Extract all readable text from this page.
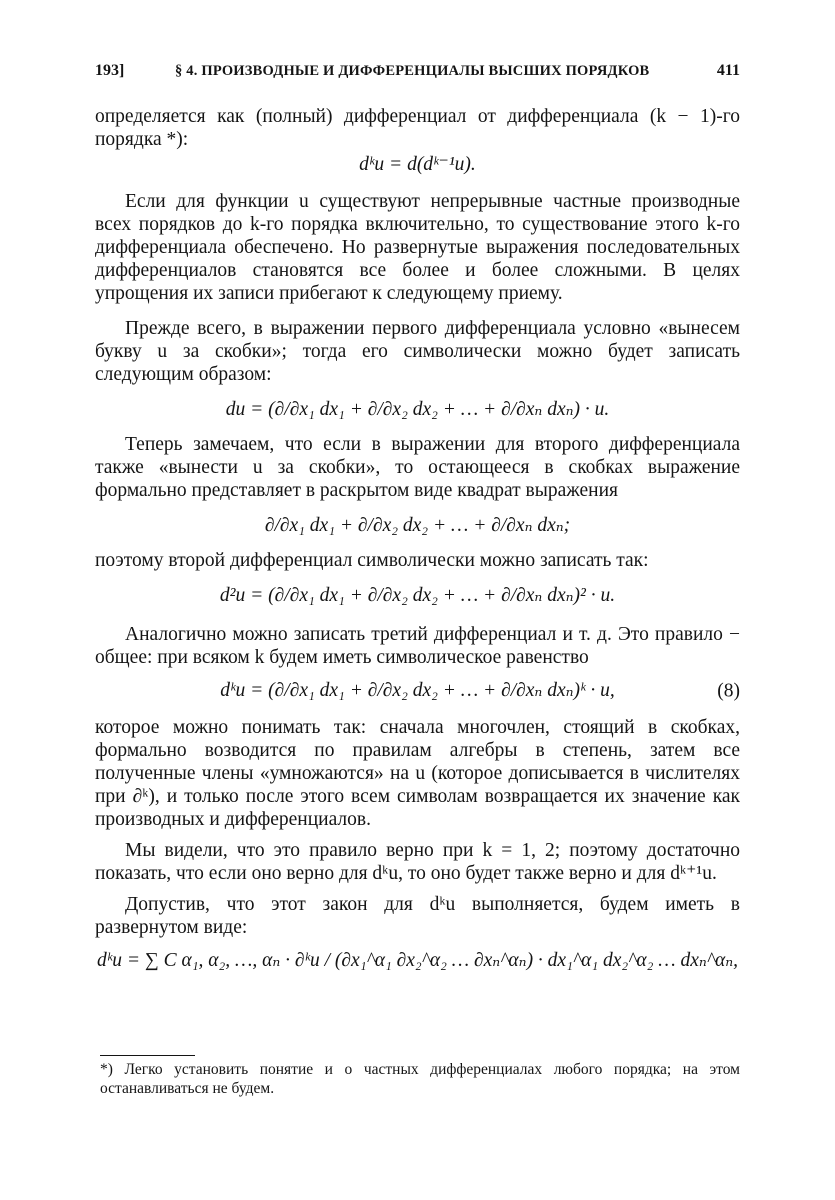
193]	§ 4. ПРОИЗВОДНЫЕ И ДИФФЕРЕНЦИАЛЫ ВЫСШИХ ПОРЯДКОВ	411

определяется как (полный) дифференциал от дифференциала (k − 1)-го порядка *):

dᵏu = d(dᵏ⁻¹u).

Если для функции u существуют непрерывные частные производные всех порядков до k-го порядка включительно, то существование этого k-го дифференциала обеспечено. Но развернутые выражения последовательных дифференциалов становятся все более и более сложными. В целях упрощения их записи прибегают к следующему приему.

Прежде всего, в выражении первого дифференциала условно «вынесем букву u за скобки»; тогда его символически можно будет записать следующим образом:

du = (∂/∂x₁ dx₁ + ∂/∂x₂ dx₂ + … + ∂/∂xₙ dxₙ) · u.

Теперь замечаем, что если в выражении для второго дифференциала также «вынести u за скобки», то остающееся в скобках выражение формально представляет в раскрытом виде квадрат выражения

∂/∂x₁ dx₁ + ∂/∂x₂ dx₂ + … + ∂/∂xₙ dxₙ;

поэтому второй дифференциал символически можно записать так:

d²u = (∂/∂x₁ dx₁ + ∂/∂x₂ dx₂ + … + ∂/∂xₙ dxₙ)² · u.

Аналогично можно записать третий дифференциал и т. д. Это правило − общее: при всяком k будем иметь символическое равенство

dᵏu = (∂/∂x₁ dx₁ + ∂/∂x₂ dx₂ + … + ∂/∂xₙ dxₙ)ᵏ · u,	(8)

которое можно понимать так: сначала многочлен, стоящий в скобках, формально возводится по правилам алгебры в степень, затем все полученные члены «умножаются» на u (которое дописывается в числителях при ∂ᵏ), и только после этого всем символам возвращается их значение как производных и дифференциалов.

Мы видели, что это правило верно при k = 1, 2; поэтому достаточно показать, что если оно верно для dᵏu, то оно будет также верно и для dᵏ⁺¹u.

Допустив, что этот закон для dᵏu выполняется, будем иметь в развернутом виде:

dᵏu = ∑ C α₁, α₂, …, αₙ · ∂ᵏu / (∂x₁^α₁ ∂x₂^α₂ … ∂xₙ^αₙ) · dx₁^α₁ dx₂^α₂ … dxₙ^αₙ,

*) Легко установить понятие и о частных дифференциалах любого порядка; на этом останавливаться не будем.
